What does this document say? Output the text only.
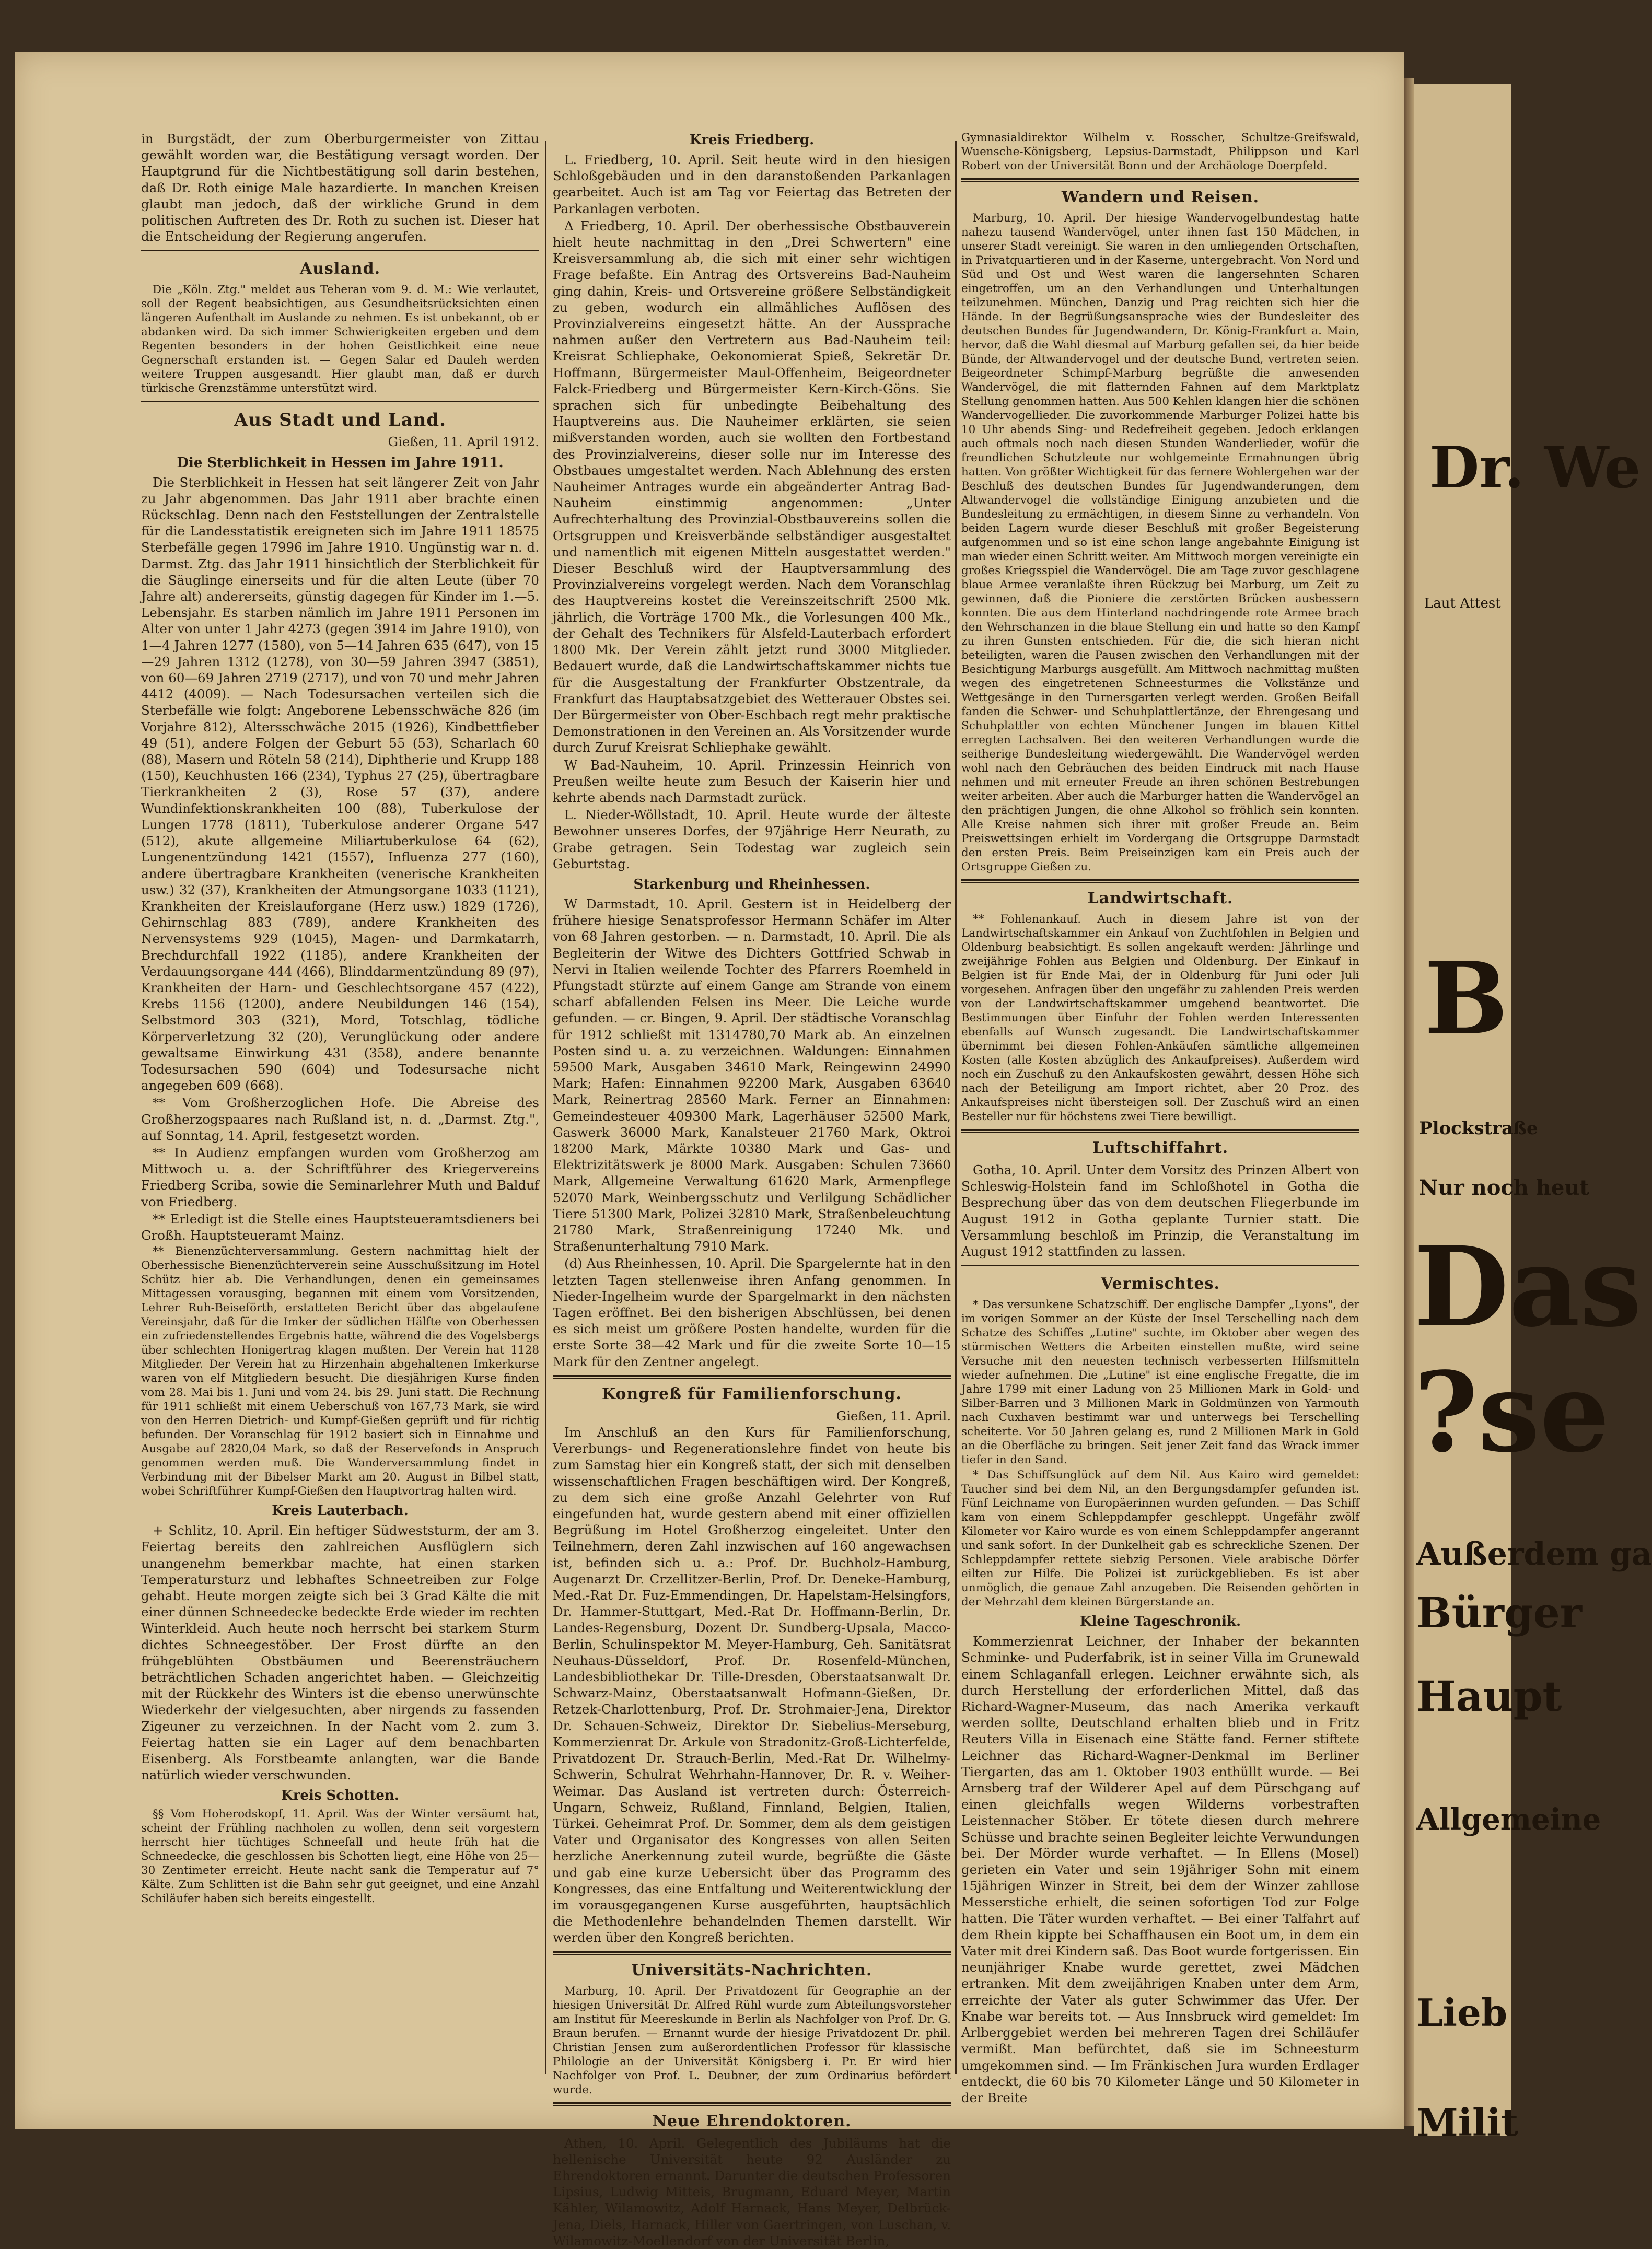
Dr. We
Laut Attest
B
Plockstraße
Nur noch heut
Das
?se
Außerdem ga
Bürger
Haupt
Allgemeine
Lieb
Milit

in Burgstädt, der zum Oberburgermeister von Zittau gewählt worden war, die Bestätigung versagt worden. Der Hauptgrund für die Nichtbestätigung soll darin bestehen, daß Dr. Roth einige Male hazardierte. In manchen Kreisen glaubt man jedoch, daß der wirkliche Grund in dem politischen Auftreten des Dr. Roth zu suchen ist. Dieser hat die Entscheidung der Regierung angerufen.

Ausland.

Die „Köln. Ztg." meldet aus Teheran vom 9. d. M.: Wie verlautet, soll der Regent beabsichtigen, aus Gesundheitsrücksichten einen längeren Aufenthalt im Auslande zu nehmen. Es ist unbekannt, ob er abdanken wird. Da sich immer Schwierigkeiten ergeben und dem Regenten besonders in der hohen Geistlichkeit eine neue Gegnerschaft erstanden ist. — Gegen Salar ed Dauleh werden weitere Truppen ausgesandt. Hier glaubt man, daß er durch türkische Grenzstämme unterstützt wird.

Aus Stadt und Land.

Gießen, 11. April 1912.

Die Sterblichkeit in Hessen im Jahre 1911.

Die Sterblichkeit in Hessen hat seit längerer Zeit von Jahr zu Jahr abgenommen. Das Jahr 1911 aber brachte einen Rückschlag. Denn nach den Feststellungen der Zentralstelle für die Landesstatistik ereigneten sich im Jahre 1911 18575 Sterbefälle gegen 17996 im Jahre 1910. Ungünstig war n. d. Darmst. Ztg. das Jahr 1911 hinsichtlich der Sterblichkeit für die Säuglinge einerseits und für die alten Leute (über 70 Jahre alt) andererseits, günstig dagegen für Kinder im 1.—5. Lebensjahr. Es starben nämlich im Jahre 1911 Personen im Alter von unter 1 Jahr 4273 (gegen 3914 im Jahre 1910), von 1—4 Jahren 1277 (1580), von 5—14 Jahren 635 (647), von 15—29 Jahren 1312 (1278), von 30—59 Jahren 3947 (3851), von 60—69 Jahren 2719 (2717), und von 70 und mehr Jahren 4412 (4009). — Nach Todesursachen verteilen sich die Sterbefälle wie folgt: Angeborene Lebensschwäche 826 (im Vorjahre 812), Altersschwäche 2015 (1926), Kindbettfieber 49 (51), andere Folgen der Geburt 55 (53), Scharlach 60 (88), Masern und Röteln 58 (214), Diphtherie und Krupp 188 (150), Keuchhusten 166 (234), Typhus 27 (25), übertragbare Tierkrankheiten 2 (3), Rose 57 (37), andere Wundinfektionskrankheiten 100 (88), Tuberkulose der Lungen 1778 (1811), Tuberkulose anderer Organe 547 (512), akute allgemeine Miliartuberkulose 64 (62), Lungenentzündung 1421 (1557), Influenza 277 (160), andere übertragbare Krankheiten (venerische Krankheiten usw.) 32 (37), Krankheiten der Atmungsorgane 1033 (1121), Krankheiten der Kreislauforgane (Herz usw.) 1829 (1726), Gehirnschlag 883 (789), andere Krankheiten des Nervensystems 929 (1045), Magen- und Darmkatarrh, Brechdurchfall 1922 (1185), andere Krankheiten der Verdauungsorgane 444 (466), Blinddarmentzündung 89 (97), Krankheiten der Harn- und Geschlechtsorgane 457 (422), Krebs 1156 (1200), andere Neubildungen 146 (154), Selbstmord 303 (321), Mord, Totschlag, tödliche Körperverletzung 32 (20), Verunglückung oder andere gewaltsame Einwirkung 431 (358), andere benannte Todesursachen 590 (604) und Todesursache nicht angegeben 609 (668).

** Vom Großherzoglichen Hofe. Die Abreise des Großherzogspaares nach Rußland ist, n. d. „Darmst. Ztg.", auf Sonntag, 14. April, festgesetzt worden.

** In Audienz empfangen wurden vom Großherzog am Mittwoch u. a. der Schriftführer des Kriegervereins Friedberg Scriba, sowie die Seminarlehrer Muth und Balduf von Friedberg.

** Erledigt ist die Stelle eines Hauptsteueramtsdieners bei Großh. Hauptsteueramt Mainz.

** Bienenzüchterversammlung. Gestern nachmittag hielt der Oberhessische Bienenzüchterverein seine Ausschußsitzung im Hotel Schütz hier ab. Die Verhandlungen, denen ein gemeinsames Mittagessen vorausging, begannen mit einem vom Vorsitzenden, Lehrer Ruh-Beiseförth, erstatteten Bericht über das abgelaufene Vereinsjahr, daß für die Imker der südlichen Hälfte von Oberhessen ein zufriedenstellendes Ergebnis hatte, während die des Vogelsbergs über schlechten Honigertrag klagen mußten. Der Verein hat 1128 Mitglieder. Der Verein hat zu Hirzenhain abgehaltenen Imkerkurse waren von elf Mitgliedern besucht. Die diesjährigen Kurse finden vom 28. Mai bis 1. Juni und vom 24. bis 29. Juni statt. Die Rechnung für 1911 schließt mit einem Ueberschuß von 167,73 Mark, sie wird von den Herren Dietrich- und Kumpf-Gießen geprüft und für richtig befunden. Der Voranschlag für 1912 basiert sich in Einnahme und Ausgabe auf 2820,04 Mark, so daß der Reservefonds in Anspruch genommen werden muß. Die Wanderversammlung findet in Verbindung mit der Bibelser Markt am 20. August in Bilbel statt, wobei Schriftführer Kumpf-Gießen den Hauptvortrag halten wird.

Kreis Lauterbach.

+ Schlitz, 10. April. Ein heftiger Südweststurm, der am 3. Feiertag bereits den zahlreichen Ausflüglern sich unangenehm bemerkbar machte, hat einen starken Temperatursturz und lebhaftes Schneetreiben zur Folge gehabt. Heute morgen zeigte sich bei 3 Grad Kälte die mit einer dünnen Schneedecke bedeckte Erde wieder im rechten Winterkleid. Auch heute noch herrscht bei starkem Sturm dichtes Schneegestöber. Der Frost dürfte an den frühgeblühten Obstbäumen und Beerensträuchern beträchtlichen Schaden angerichtet haben. — Gleichzeitig mit der Rückkehr des Winters ist die ebenso unerwünschte Wiederkehr der vielgesuchten, aber nirgends zu fassenden Zigeuner zu verzeichnen. In der Nacht vom 2. zum 3. Feiertag hatten sie ein Lager auf dem benachbarten Eisenberg. Als Forstbeamte anlangten, war die Bande natürlich wieder verschwunden.

Kreis Schotten.

§§ Vom Hoherodskopf, 11. April. Was der Winter versäumt hat, scheint der Frühling nachholen zu wollen, denn seit vorgestern herrscht hier tüchtiges Schneefall und heute früh hat die Schneedecke, die geschlossen bis Schotten liegt, eine Höhe von 25—30 Zentimeter erreicht. Heute nacht sank die Temperatur auf 7° Kälte. Zum Schlitten ist die Bahn sehr gut geeignet, und eine Anzahl Schiläufer haben sich bereits eingestellt.

Kreis Friedberg.

L. Friedberg, 10. April. Seit heute wird in den hiesigen Schloßgebäuden und in den daranstoßenden Parkanlagen gearbeitet. Auch ist am Tag vor Feiertag das Betreten der Parkanlagen verboten.

Δ Friedberg, 10. April. Der oberhessische Obstbauverein hielt heute nachmittag in den „Drei Schwertern" eine Kreisversammlung ab, die sich mit einer sehr wichtigen Frage befaßte. Ein Antrag des Ortsvereins Bad-Nauheim ging dahin, Kreis- und Ortsvereine größere Selbständigkeit zu geben, wodurch ein allmähliches Auflösen des Provinzialvereins eingesetzt hätte. An der Aussprache nahmen außer den Vertretern aus Bad-Nauheim teil: Kreisrat Schliephake, Oekonomierat Spieß, Sekretär Dr. Hoffmann, Bürgermeister Maul-Offenheim, Beigeordneter Falck-Friedberg und Bürgermeister Kern-Kirch-Göns. Sie sprachen sich für unbedingte Beibehaltung des Hauptvereins aus. Die Nauheimer erklärten, sie seien mißverstanden worden, auch sie wollten den Fortbestand des Provinzialvereins, dieser solle nur im Interesse des Obstbaues umgestaltet werden. Nach Ablehnung des ersten Nauheimer Antrages wurde ein abgeänderter Antrag Bad-Nauheim einstimmig angenommen: „Unter Aufrechterhaltung des Provinzial-Obstbauvereins sollen die Ortsgruppen und Kreisverbände selbständiger ausgestaltet und namentlich mit eigenen Mitteln ausgestattet werden." Dieser Beschluß wird der Hauptversammlung des Provinzialvereins vorgelegt werden. Nach dem Voranschlag des Hauptvereins kostet die Vereinszeitschrift 2500 Mk. jährlich, die Vorträge 1700 Mk., die Vorlesungen 400 Mk., der Gehalt des Technikers für Alsfeld-Lauterbach erfordert 1800 Mk. Der Verein zählt jetzt rund 3000 Mitglieder. Bedauert wurde, daß die Landwirtschaftskammer nichts tue für die Ausgestaltung der Frankfurter Obstzentrale, da Frankfurt das Hauptabsatzgebiet des Wetterauer Obstes sei. Der Bürgermeister von Ober-Eschbach regt mehr praktische Demonstrationen in den Vereinen an. Als Vorsitzender wurde durch Zuruf Kreisrat Schliephake gewählt.

W Bad-Nauheim, 10. April. Prinzessin Heinrich von Preußen weilte heute zum Besuch der Kaiserin hier und kehrte abends nach Darmstadt zurück.

L. Nieder-Wöllstadt, 10. April. Heute wurde der älteste Bewohner unseres Dorfes, der 97jährige Herr Neurath, zu Grabe getragen. Sein Todestag war zugleich sein Geburtstag.

Starkenburg und Rheinhessen.

W Darmstadt, 10. April. Gestern ist in Heidelberg der frühere hiesige Senatsprofessor Hermann Schäfer im Alter von 68 Jahren gestorben. — n. Darmstadt, 10. April. Die als Begleiterin der Witwe des Dichters Gottfried Schwab in Nervi in Italien weilende Tochter des Pfarrers Roemheld in Pfungstadt stürzte auf einem Gange am Strande von einem scharf abfallenden Felsen ins Meer. Die Leiche wurde gefunden. — cr. Bingen, 9. April. Der städtische Voranschlag für 1912 schließt mit 1314780,70 Mark ab. An einzelnen Posten sind u. a. zu verzeichnen. Waldungen: Einnahmen 59500 Mark, Ausgaben 34610 Mark, Reingewinn 24990 Mark; Hafen: Einnahmen 92200 Mark, Ausgaben 63640 Mark, Reinertrag 28560 Mark. Ferner an Einnahmen: Gemeindesteuer 409300 Mark, Lagerhäuser 52500 Mark, Gaswerk 36000 Mark, Kanalsteuer 21760 Mark, Oktroi 18200 Mark, Märkte 10380 Mark und Gas- und Elektrizitätswerk je 8000 Mark. Ausgaben: Schulen 73660 Mark, Allgemeine Verwaltung 61620 Mark, Armenpflege 52070 Mark, Weinbergsschutz und Verlilgung Schädlicher Tiere 51300 Mark, Polizei 32810 Mark, Straßenbeleuchtung 21780 Mark, Straßenreinigung 17240 Mk. und Straßenunterhaltung 7910 Mark.

(d) Aus Rheinhessen, 10. April. Die Spargelernte hat in den letzten Tagen stellenweise ihren Anfang genommen. In Nieder-Ingelheim wurde der Spargelmarkt in den nächsten Tagen eröffnet. Bei den bisherigen Abschlüssen, bei denen es sich meist um größere Posten handelte, wurden für die erste Sorte 38—42 Mark und für die zweite Sorte 10—15 Mark für den Zentner angelegt.

Kongreß für Familienforschung.

Gießen, 11. April.

Im Anschluß an den Kurs für Familienforschung, Vererbungs- und Regenerationslehre findet von heute bis zum Samstag hier ein Kongreß statt, der sich mit denselben wissenschaftlichen Fragen beschäftigen wird. Der Kongreß, zu dem sich eine große Anzahl Gelehrter von Ruf eingefunden hat, wurde gestern abend mit einer offiziellen Begrüßung im Hotel Großherzog eingeleitet. Unter den Teilnehmern, deren Zahl inzwischen auf 160 angewachsen ist, befinden sich u. a.: Prof. Dr. Buchholz-Hamburg, Augenarzt Dr. Crzellitzer-Berlin, Prof. Dr. Deneke-Hamburg, Med.-Rat Dr. Fuz-Emmendingen, Dr. Hapelstam-Helsingfors, Dr. Hammer-Stuttgart, Med.-Rat Dr. Hoffmann-Berlin, Dr. Landes-Regensburg, Dozent Dr. Sundberg-Upsala, Macco-Berlin, Schulinspektor M. Meyer-Hamburg, Geh. Sanitätsrat Neuhaus-Düsseldorf, Prof. Dr. Rosenfeld-München, Landesbibliothekar Dr. Tille-Dresden, Oberstaatsanwalt Dr. Schwarz-Mainz, Oberstaatsanwalt Hofmann-Gießen, Dr. Retzek-Charlottenburg, Prof. Dr. Strohmaier-Jena, Direktor Dr. Schauen-Schweiz, Direktor Dr. Siebelius-Merseburg, Kommerzienrat Dr. Arkule von Stradonitz-Groß-Lichterfelde, Privatdozent Dr. Strauch-Berlin, Med.-Rat Dr. Wilhelmy-Schwerin, Schulrat Wehrhahn-Hannover, Dr. R. v. Weiher-Weimar. Das Ausland ist vertreten durch: Österreich-Ungarn, Schweiz, Rußland, Finnland, Belgien, Italien, Türkei. Geheimrat Prof. Dr. Sommer, dem als dem geistigen Vater und Organisator des Kongresses von allen Seiten herzliche Anerkennung zuteil wurde, begrüßte die Gäste und gab eine kurze Uebersicht über das Programm des Kongresses, das eine Entfaltung und Weiterentwicklung der im vorausgegangenen Kurse ausgeführten, hauptsächlich die Methodenlehre behandelnden Themen darstellt. Wir werden über den Kongreß berichten.

Universitäts-Nachrichten.

Marburg, 10. April. Der Privatdozent für Geographie an der hiesigen Universität Dr. Alfred Rühl wurde zum Abteilungsvorsteher am Institut für Meereskunde in Berlin als Nachfolger von Prof. Dr. G. Braun berufen. — Ernannt wurde der hiesige Privatdozent Dr. phil. Christian Jensen zum außerordentlichen Professor für klassische Philologie an der Universität Königsberg i. Pr. Er wird hier Nachfolger von Prof. L. Deubner, der zum Ordinarius befördert wurde.

Neue Ehrendoktoren.

Athen, 10. April. Gelegentlich des Jubiläums hat die hellenische Universität heute 92 Ausländer zu Ehrendoktoren ernannt. Darunter die deutschen Professoren Lipsius, Ludwig Mitteis, Brugmann, Eduard Meyer, Martin Kähler, Wilamowitz, Adolf Harnack, Hans Meyer, Delbrück-Jena, Diels, Harnack, Hiller von Gaertringen, von Luschan, v. Wilamowitz-Moellendorf von der Universität Berlin,

Gymnasialdirektor Wilhelm v. Rosscher, Schultze-Greifswald, Wuensche-Königsberg, Lepsius-Darmstadt, Philippson und Karl Robert von der Universität Bonn und der Archäologe Doerpfeld.

Wandern und Reisen.

Marburg, 10. April. Der hiesige Wandervogelbundestag hatte nahezu tausend Wandervögel, unter ihnen fast 150 Mädchen, in unserer Stadt vereinigt. Sie waren in den umliegenden Ortschaften, in Privatquartieren und in der Kaserne, untergebracht. Von Nord und Süd und Ost und West waren die langersehnten Scharen eingetroffen, um an den Verhandlungen und Unterhaltungen teilzunehmen. München, Danzig und Prag reichten sich hier die Hände. In der Begrüßungsansprache wies der Bundesleiter des deutschen Bundes für Jugendwandern, Dr. König-Frankfurt a. Main, hervor, daß die Wahl diesmal auf Marburg gefallen sei, da hier beide Bünde, der Altwandervogel und der deutsche Bund, vertreten seien. Beigeordneter Schimpf-Marburg begrüßte die anwesenden Wandervögel, die mit flatternden Fahnen auf dem Marktplatz Stellung genommen hatten. Aus 500 Kehlen klangen hier die schönen Wandervogellieder. Die zuvorkommende Marburger Polizei hatte bis 10 Uhr abends Sing- und Redefreiheit gegeben. Jedoch erklangen auch oftmals noch nach diesen Stunden Wanderlieder, wofür die freundlichen Schutzleute nur wohlgemeinte Ermahnungen übrig hatten. Von größter Wichtigkeit für das fernere Wohlergehen war der Beschluß des deutschen Bundes für Jugendwanderungen, dem Altwandervogel die vollständige Einigung anzubieten und die Bundesleitung zu ermächtigen, in diesem Sinne zu verhandeln. Von beiden Lagern wurde dieser Beschluß mit großer Begeisterung aufgenommen und so ist eine schon lange angebahnte Einigung ist man wieder einen Schritt weiter. Am Mittwoch morgen vereinigte ein großes Kriegsspiel die Wandervögel. Die am Tage zuvor geschlagene blaue Armee veranlaßte ihren Rückzug bei Marburg, um Zeit zu gewinnen, daß die Pioniere die zerstörten Brücken ausbessern konnten. Die aus dem Hinterland nachdringende rote Armee brach den Wehrschanzen in die blaue Stellung ein und hatte so den Kampf zu ihren Gunsten entschieden. Für die, die sich hieran nicht beteiligten, waren die Pausen zwischen den Verhandlungen mit der Besichtigung Marburgs ausgefüllt. Am Mittwoch nachmittag mußten wegen des eingetretenen Schneesturmes die Volkstänze und Wettgesänge in den Turnersgarten verlegt werden. Großen Beifall fanden die Schwer- und Schuhplattlertänze, der Ehrengesang und Schuhplattler von echten Münchener Jungen im blauen Kittel erregten Lachsalven. Bei den weiteren Verhandlungen wurde die seitherige Bundesleitung wiedergewählt. Die Wandervögel werden wohl nach den Gebräuchen des beiden Eindruck mit nach Hause nehmen und mit erneuter Freude an ihren schönen Bestrebungen weiter arbeiten. Aber auch die Marburger hatten die Wandervögel an den prächtigen Jungen, die ohne Alkohol so fröhlich sein konnten. Alle Kreise nahmen sich ihrer mit großer Freude an. Beim Preiswettsingen erhielt im Vordergang die Ortsgruppe Darmstadt den ersten Preis. Beim Preiseinzigen kam ein Preis auch der Ortsgruppe Gießen zu.

Landwirtschaft.

** Fohlenankauf. Auch in diesem Jahre ist von der Landwirtschaftskammer ein Ankauf von Zuchtfohlen in Belgien und Oldenburg beabsichtigt. Es sollen angekauft werden: Jährlinge und zweijährige Fohlen aus Belgien und Oldenburg. Der Einkauf in Belgien ist für Ende Mai, der in Oldenburg für Juni oder Juli vorgesehen. Anfragen über den ungefähr zu zahlenden Preis werden von der Landwirtschaftskammer umgehend beantwortet. Die Bestimmungen über Einfuhr der Fohlen werden Interessenten ebenfalls auf Wunsch zugesandt. Die Landwirtschaftskammer übernimmt bei diesen Fohlen-Ankäufen sämtliche allgemeinen Kosten (alle Kosten abzüglich des Ankaufpreises). Außerdem wird noch ein Zuschuß zu den Ankaufskosten gewährt, dessen Höhe sich nach der Beteiligung am Import richtet, aber 20 Proz. des Ankaufspreises nicht übersteigen soll. Der Zuschuß wird an einen Besteller nur für höchstens zwei Tiere bewilligt.

Luftschiffahrt.

Gotha, 10. April. Unter dem Vorsitz des Prinzen Albert von Schleswig-Holstein fand im Schloßhotel in Gotha die Besprechung über das von dem deutschen Fliegerbunde im August 1912 in Gotha geplante Turnier statt. Die Versammlung beschloß im Prinzip, die Veranstaltung im August 1912 stattfinden zu lassen.

Vermischtes.

* Das versunkene Schatzschiff. Der englische Dampfer „Lyons", der im vorigen Sommer an der Küste der Insel Terschelling nach dem Schatze des Schiffes „Lutine" suchte, im Oktober aber wegen des stürmischen Wetters die Arbeiten einstellen mußte, wird seine Versuche mit den neuesten technisch verbesserten Hilfsmitteln wieder aufnehmen. Die „Lutine" ist eine englische Fregatte, die im Jahre 1799 mit einer Ladung von 25 Millionen Mark in Gold- und Silber-Barren und 3 Millionen Mark in Goldmünzen von Yarmouth nach Cuxhaven bestimmt war und unterwegs bei Terschelling scheiterte. Vor 50 Jahren gelang es, rund 2 Millionen Mark in Gold an die Oberfläche zu bringen. Seit jener Zeit fand das Wrack immer tiefer in den Sand.

* Das Schiffsunglück auf dem Nil. Aus Kairo wird gemeldet: Taucher sind bei dem Nil, an den Bergungsdampfer gefunden ist. Fünf Leichname von Europäerinnen wurden gefunden. — Das Schiff kam von einem Schleppdampfer geschleppt. Ungefähr zwölf Kilometer vor Kairo wurde es von einem Schleppdampfer angerannt und sank sofort. In der Dunkelheit gab es schreckliche Szenen. Der Schleppdampfer rettete siebzig Personen. Viele arabische Dörfer eilten zur Hilfe. Die Polizei ist zurückgeblieben. Es ist aber unmöglich, die genaue Zahl anzugeben. Die Reisenden gehörten in der Mehrzahl dem kleinen Bürgerstande an.

Kleine Tageschronik.

Kommerzienrat Leichner, der Inhaber der bekannten Schminke- und Puderfabrik, ist in seiner Villa im Grunewald einem Schlaganfall erlegen. Leichner erwähnte sich, als durch Herstellung der erforderlichen Mittel, daß das Richard-Wagner-Museum, das nach Amerika verkauft werden sollte, Deutschland erhalten blieb und in Fritz Reuters Villa in Eisenach eine Stätte fand. Ferner stiftete Leichner das Richard-Wagner-Denkmal im Berliner Tiergarten, das am 1. Oktober 1903 enthüllt wurde. — Bei Arnsberg traf der Wilderer Apel auf dem Pürschgang auf einen gleichfalls wegen Wilderns vorbestraften Leistennacher Stöber. Er tötete diesen durch mehrere Schüsse und brachte seinen Begleiter leichte Verwundungen bei. Der Mörder wurde verhaftet. — In Ellens (Mosel) gerieten ein Vater und sein 19jähriger Sohn mit einem 15jährigen Winzer in Streit, bei dem der Winzer zahllose Messerstiche erhielt, die seinen sofortigen Tod zur Folge hatten. Die Täter wurden verhaftet. — Bei einer Talfahrt auf dem Rhein kippte bei Schaffhausen ein Boot um, in dem ein Vater mit drei Kindern saß. Das Boot wurde fortgerissen. Ein neunjähriger Knabe wurde gerettet, zwei Mädchen ertranken. Mit dem zweijährigen Knaben unter dem Arm, erreichte der Vater als guter Schwimmer das Ufer. Der Knabe war bereits tot. — Aus Innsbruck wird gemeldet: Im Arlberggebiet werden bei mehreren Tagen drei Schiläufer vermißt. Man befürchtet, daß sie im Schneesturm umgekommen sind. — Im Fränkischen Jura wurden Erdlager entdeckt, die 60 bis 70 Kilometer Länge und 50 Kilometer in der Breite
